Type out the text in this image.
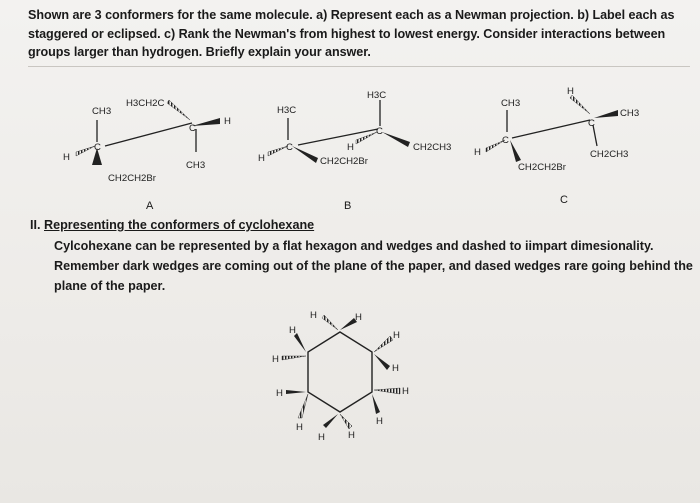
Shown are 3 conformers for the same molecule. a) Represent each as a Newman projection. b) Label each as
staggered or eclipsed. c) Rank the Newman's from highest to lowest energy. Consider interactions between
groups larger than hydrogen. Briefly explain your answer.
CH3
H3CH2C
H
H
CH3
CH2CH2Br
C
C
H3C
H3C
H
H	CH2CH3
CH2CH2Br
C
C
CH3
H
CH3
H
CH2CH2Br
CH2CH3
C
C
A	B	C
II. Representing the conformers of cyclohexane
Cylcohexane can be represented by a flat hexagon and wedges and dashed to iimpart dimesionality.
Remember dark wedges are coming out of the plane of the paper, and dased wedges rare going behind the
plane of the paper.
H	H
H
H
H
H
H
H
H
H
H
H
